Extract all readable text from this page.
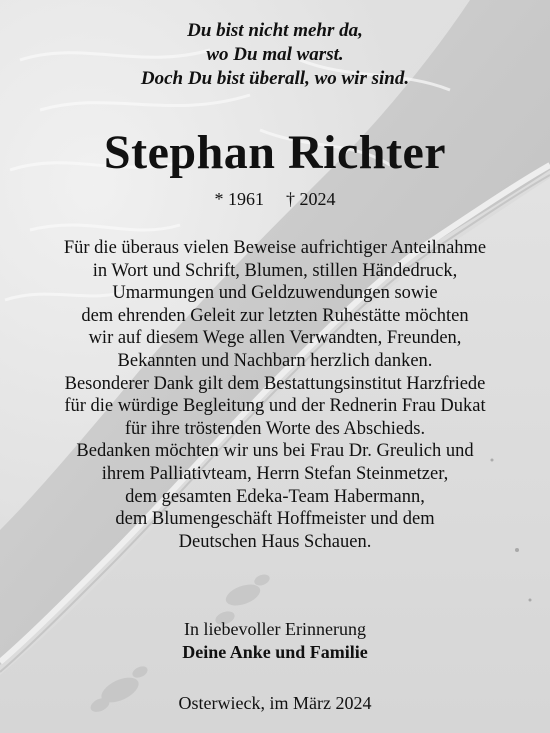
Du bist nicht mehr da,
wo Du mal warst.
Doch Du bist überall, wo wir sind.
Stephan Richter
* 1961 † 2024
Für die überaus vielen Beweise aufrichtiger Anteilnahme
in Wort und Schrift, Blumen, stillen Händedruck,
Umarmungen und Geldzuwendungen sowie
dem ehrenden Geleit zur letzten Ruhestätte möchten
wir auf diesem Wege allen Verwandten, Freunden,
Bekannten und Nachbarn herzlich danken.
Besonderer Dank gilt dem Bestattungsinstitut Harzfriede
für die würdige Begleitung und der Rednerin Frau Dukat
für ihre tröstenden Worte des Abschieds.
Bedanken möchten wir uns bei Frau Dr. Greulich und
ihrem Palliativteam, Herrn Stefan Steinmetzer,
dem gesamten Edeka-Team Habermann,
dem Blumengeschäft Hoffmeister und dem
Deutschen Haus Schauen.
In liebevoller Erinnerung
Deine Anke und Familie
Osterwieck, im März 2024
